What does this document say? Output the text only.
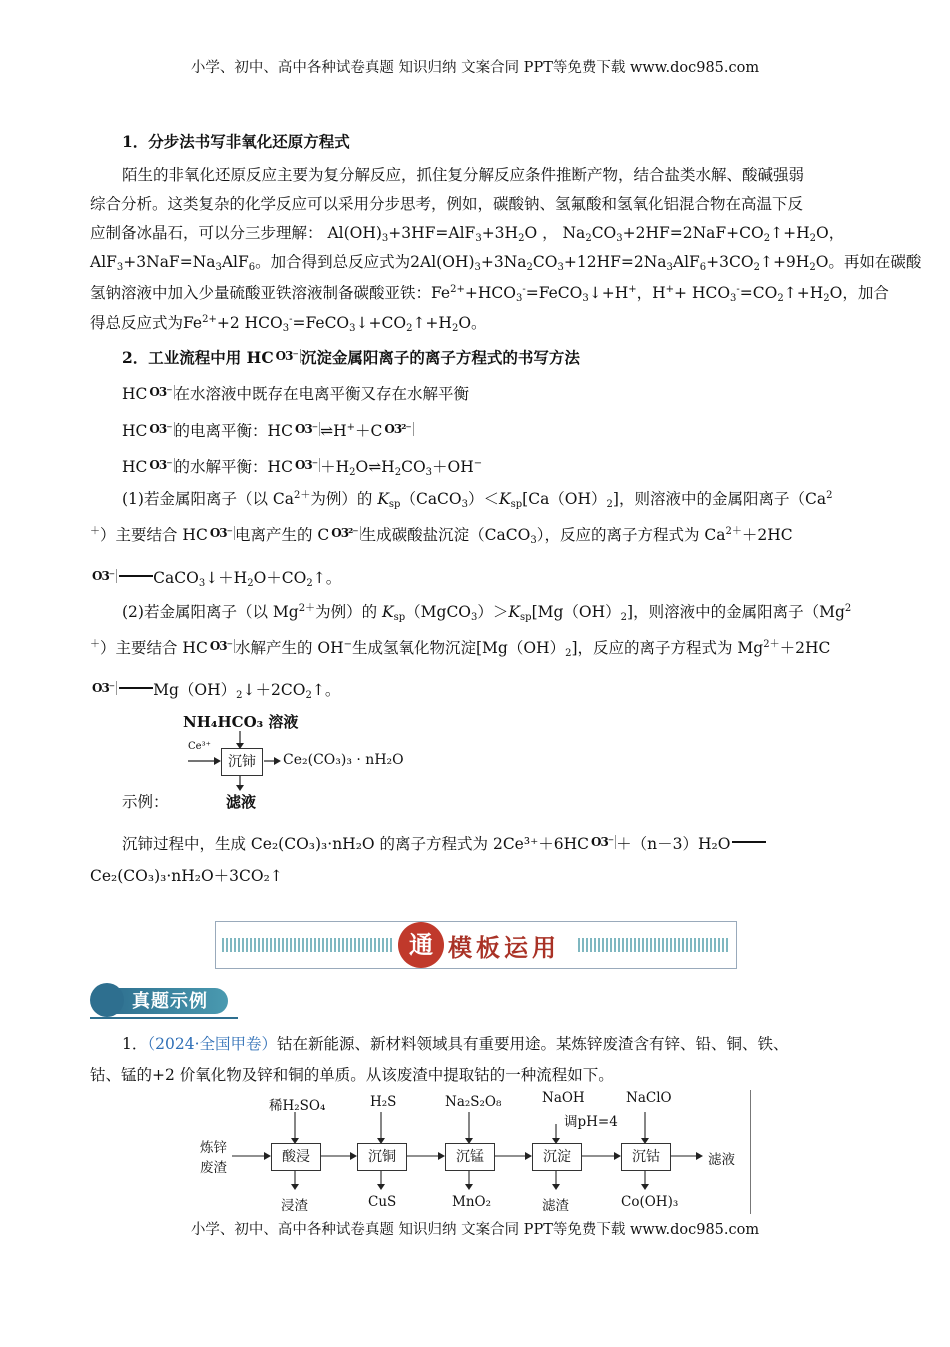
小学、初中、高中各种试卷真题 知识归纳 文案合同 PPT等免费下载 www.doc985.com
1．分步法书写非氧化还原方程式
陌生的非氧化还原反应主要为复分解反应，抓住复分解反应条件推断产物，结合盐类水解、酸碱强弱
综合分析。这类复杂的化学反应可以采用分步思考，例如，碳酸钠、氢氟酸和氢氧化铝混合物在高温下反
应制备冰晶石，可以分三步理解： $Al(OH)_3+3HF=AlF_3+3H_2O$ ， $Na_2CO_3+2HF=2NaF+CO_2↑+H_2O$，
$AlF_3+3NaF=Na_3AlF_6$。加合得到总反应式为$2Al(OH)_3+3Na_2CO_3+12HF=2Na_3AlF_6+3CO_2↑+9H_2O$。再如在碳酸
氢钠溶液中加入少量硫酸亚铁溶液制备碳酸亚铁：$Fe^{2+}+HCO_3^-=FeCO_3↓+H^+$，$H^++ HCO_3^-=CO_2↑+H_2O$，加合
得总反应式为$Fe^{2+}+2$ $HCO_3^-=FeCO_3↓+CO_2↑+H_2O$。
2．工业流程中用 HC O3⁻ 沉淀金属阳离子的离子方程式的书写方法
HC O3⁻ 在水溶液中既存在电离平衡又存在水解平衡
HC O3⁻ 的电离平衡：HC O3⁻ ⇌H+＋C O3²⁻
HC O3⁻ 的水解平衡：HC $O3^- +H_2O\rightleftharpoons H_2CO_3+OH^-$
(1)若金属阳离子（以 $Ca^{2+}$为例）的 $K_{sp}(CaCO_3)<K_{sp}[Ca(OH)_2]$，则溶液中的金属阳离子（Ca$^2$
＋）主要结合 HC O3⁻ 电离产生的 C O3²⁻ 生成碳酸盐沉淀（CaCO$_3$），反应的离子方程式为 $Ca^{2+}+2HC$
O3⁻	$CaCO_3↓+H_2O+CO_2↑$。
(2)若金属阳离子（以 $Mg^{2+}$为例）的 $K_{sp}(MgCO_3)>K_{sp}[Mg(OH)_2]$，则溶液中的金属阳离子（Mg$^2$
＋）主要结合 HC O3⁻ 水解产生的 OH−生成氢氧化物沉淀$[Mg(OH)_2]$，反应的离子方程式为 $Mg^{2+}+2HC$
O3⁻	$Mg(OH)_2↓+2CO_2↑$。
NH₄HCO₃ 溶液
Ce³⁺
沉铈	Ce₂(CO₃)₃ · nH₂O
示例：	滤液
沉铈过程中，生成 Ce₂(CO₃)₃·nH₂O 的离子方程式为 2Ce³⁺＋6HC O3⁻ ＋（n－3）H₂O
Ce₂(CO₃)₃·nH₂O＋3CO₂↑
通 模板运用
真题示例
1．（2024·全国甲卷）钴在新能源、新材料领域具有重要用途。某炼锌废渣含有锌、铅、铜、铁、
钴、锰的+2 价氧化物及锌和铜的单质。从该废渣中提取钴的一种流程如下。
炼锌
废渣
酸浸	沉铜	沉锰	沉淀	沉钴
稀H₂SO₄	H₂S	Na₂S₂O₈	NaOH
调pH=4
NaClO
浸渣	CuS	MnO₂	滤渣	Co(OH)₃
滤液
小学、初中、高中各种试卷真题 知识归纳 文案合同 PPT等免费下载 www.doc985.com
